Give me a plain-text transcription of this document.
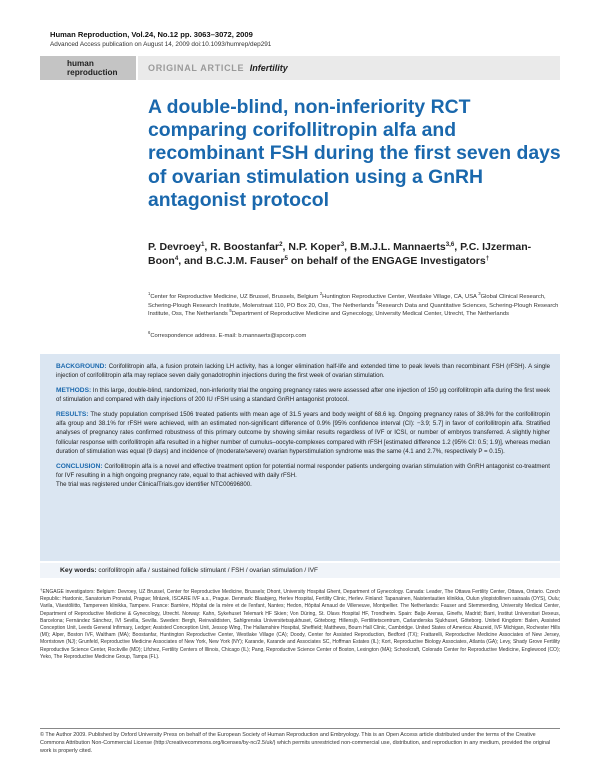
Human Reproduction, Vol.24, No.12 pp. 3063–3072, 2009
Advanced Access publication on August 14, 2009 doi:10.1093/humrep/dep291
human
reproduction	ORIGINAL ARTICLE Infertility
A double-blind, non-inferiority RCT comparing corifollitropin alfa and recombinant FSH during the first seven days of ovarian stimulation using a GnRH antagonist protocol
P. Devroey$^1$, R. Boostanfar$^2$, N.P. Koper$^3$, B.M.J.L. Mannaerts$^{3,6}$, P.C. IJzerman-Boon$^4$, and B.C.J.M. Fauser$^5$ on behalf of the ENGAGE Investigators†

$^1$Center for Reproductive Medicine, UZ Brussel, Brussels, Belgium $^2$Huntington Reproductive Center, Westlake Village, CA, USA $^3$Global Clinical Research, Schering-Plough Research Institute, Molenstraat 110, PO Box 20, Oss, The Netherlands $^4$Research Data and Quantitative Sciences, Schering-Plough Research Institute, Oss, The Netherlands $^5$Department of Reproductive Medicine and Gynecology, University Medical Center, Utrecht, The Netherlands

$^6$Correspondence address. E-mail: b.mannaerts@spcorp.com

BACKGROUND: Corifollitropin alfa, a fusion protein lacking LH activity, has a longer elimination half-life and extended time to peak levels than recombinant FSH (rFSH). A single injection of corifollitropin alfa may replace seven daily gonadotrophin injections during the first week of ovarian stimulation.

METHODS: In this large, double-blind, randomized, non-inferiority trial the ongoing pregnancy rates were assessed after one injection of 150 µg corifollitropin alfa during the first week of stimulation and compared with daily injections of 200 IU rFSH using a standard GnRH antagonist protocol.

RESULTS: The study population comprised 1506 treated patients with mean age of 31.5 years and body weight of 68.6 kg. Ongoing pregnancy rates of 38.9% for the corifollitropin alfa group and 38.1% for rFSH were achieved, with an estimated non-significant difference of 0.9% [95% confidence interval (CI): −3.9; 5.7] in favor of corifollitropin alfa. Stratified analyses of pregnancy rates confirmed robustness of this primary outcome by showing similar results regardless of IVF or ICSI, or number of embryos transferred. A slightly higher follicular response with corifollitropin alfa resulted in a higher number of cumulus–oocyte-complexes compared with rFSH [estimated difference 1.2 (95% CI: 0.5; 1.9)], whereas median duration of stimulation was equal (9 days) and incidence of (moderate/severe) ovarian hyperstimulation syndrome was the same (4.1 and 2.7%, respectively P = 0.15).

CONCLUSION: Corifollitropin alfa is a novel and effective treatment option for potential normal responder patients undergoing ovarian stimulation with GnRH antagonist co-treatment for IVF resulting in a high ongoing pregnancy rate, equal to that achieved with daily rFSH.

The trial was registered under ClinicalTrials.gov identifier NTC00696800.

Key words: corifollitropin alfa / sustained follicle stimulant / FSH / ovarian stimulation / IVF

†ENGAGE investigators: Belgium: Devroey, UZ Brussel, Center for Reproductive Medicine, Brussels; Dhont, University Hospital Ghent, Department of Gynecology. Canada: Leader, The Ottawa Fertility Center, Ottawa, Ontario. Czech Republic: Hardonic, Sanatorium Pronatal, Prague; Mrázek, ISCARE IVF a.s., Prague. Denmark: Blaabjerg, Herlev Hospital, Fertility Clinic, Herlev. Finland: Tapanainen, Naistentautien klinikka, Oulun yliopistollinen sairaala (OYS), Oulu; Varila, Väestöliitto, Tampereen klinikka, Tampere. France: Barrière, Hôpital de la mère et de l'enfant, Nantes; Hedon, Hôpital Arnaud de Villeneuve, Montpellier. The Netherlands: Fauser and Stemmerding, University Medical Center, Department of Reproductive Medicine & Gynecology, Utrecht. Norway: Kahn, Sykehuset Telemark HF Skien; Von Düring, St. Olavs Hospital HF, Trondheim. Spain: Baljo Arenas, Ginefiv, Madrid; Barri, Institut Universitari Dexeus, Barcelona; Fernández Sánchez, IVI Sevilla, Sevilla. Sweden: Bergh, Reinvalidisten, Sahlgrenska Universitetssjukhuset, Göteborg; Hillensjö, Fertilitetscentrum, Carlanderska Sjukhuset, Göteborg. United Kingdom: Balen, Assisted Conception Unit, Leeds General Infirmary, Ledger; Assisted Conception Unit, Jessop Wing, The Hallamshire Hospital, Sheffield; Matthews, Bourn Hall Clinic, Cambridge. United States of America: Abuzeid, IVF Michigan, Rochester Hills (MI); Alper, Boston IVF, Waltham (MA); Boostanfar, Huntington Reproductive Center, Westlake Village (CA); Doody, Center for Assisted Reproduction, Bedford (TX); Frattarelli, Reproductive Medicine Associates of New Jersey, Morristown (NJ); Grunfeld, Reproductive Medicine Associates of New York, New York (NY); Karande, Karande and Associates SC, Hoffman Estates (IL); Kort, Reproductive Biology Associates, Atlanta (GA); Levy, Shady Grove Fertility Reproductive Science Center, Rockville (MD); Lifchez, Fertility Centers of Illinois, Chicago (IL); Pang, Reproductive Science Center of Boston, Lexington (MA); Schoolcraft, Colorado Center for Reproductive Medicine, Englewood (CO); Yeko, The Reproductive Medicine Group, Tampa (FL).

© The Author 2009. Published by Oxford University Press on behalf of the European Society of Human Reproduction and Embryology. This is an Open Access article distributed under the terms of the Creative Commons Attribution Non-Commercial License (http://creativecommons.org/licenses/by-nc/2.5/uk/) which permits unrestricted non-commercial use, distribution, and reproduction in any medium, provided the original work is properly cited.
